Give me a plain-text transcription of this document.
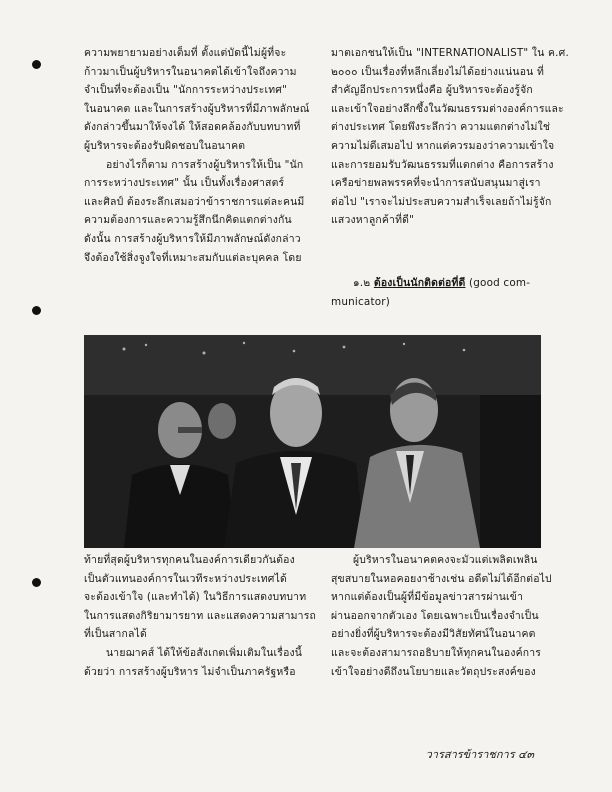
ความพยายามอย่างเต็มที่ ตั้งแต่บัดนี้ไม่ผู้ที่จะ
ก้าวมาเป็นผู้บริหารในอนาคตได้เข้าใจถึงความ
จำเป็นที่จะต้องเป็น "นักการระหว่างประเทศ"
ในอนาคต และในการสร้างผู้บริหารที่มีภาพลักษณ์
ดังกล่าวขึ้นมาให้จงได้ ให้สอดคล้องกับบทบาทที่
ผู้บริหารจะต้องรับผิดชอบในอนาคต
อย่างไรก็ตาม การสร้างผู้บริหารให้เป็น "นัก
การระหว่างประเทศ" นั้น เป็นทั้งเรื่องศาสตร์
และศิลป์ ต้องระลึกเสมอว่าข้าราชการแต่ละคนมี
ความต้องการและความรู้สึกนึกคิดแตกต่างกัน
ดังนั้น การสร้างผู้บริหารให้มีภาพลักษณ์ดังกล่าว
จึงต้องใช้สิ่งจูงใจที่เหมาะสมกับแต่ละบุคคล โดย
มาตเอกชนให้เป็น "INTERNATIONALIST" ใน ค.ศ.
๒๐๐๐ เป็นเรื่องที่หลีกเลี่ยงไม่ได้อย่างแน่นอน ที่
สำคัญอีกประการหนึ่งคือ ผู้บริหารจะต้องรู้จัก
และเข้าใจอย่างลึกซึ้งในวัฒนธรรมต่างองค์การและ
ต่างประเทศ โดยพึงระลึกว่า ความแตกต่างไม่ใช่
ความไม่ดีเสมอไป หากแต่ควรมองว่าความเข้าใจ
และการยอมรับวัฒนธรรมที่แตกต่าง คือการสร้าง
เครือข่ายพลพรรคที่จะนำการสนับสนุนมาสู่เรา
ต่อไป "เราจะไม่ประสบความสำเร็จเลยถ้าไม่รู้จัก
แสวงหาลูกค้าที่ดี"
๑.๒ ต้องเป็นนักติดต่อที่ดี (good com-
municator)
ท้ายที่สุดผู้บริหารทุกคนในองค์การเดียวกันต้อง
เป็นตัวแทนองค์การในเวทีระหว่างประเทศได้
จะต้องเข้าใจ (และทำได้) ในวิธีการแสดงบทบาท
ในการแสดงกิริยามารยาท และแสดงความสามารถ
ที่เป็นสากลได้
นายฌาคส์ ได้ให้ข้อสังเกตเพิ่มเติมในเรื่องนี้
ด้วยว่า การสร้างผู้บริหาร ไม่จำเป็นภาครัฐหรือ
ผู้บริหารในอนาคตคงจะมัวแต่เพลิดเพลิน
สุขสบายในหอคอยงาช้างเช่น อดีตไม่ได้อีกต่อไป
หากแต่ต้องเป็นผู้ที่มีข้อมูลข่าวสารผ่านเข้า
ผ่านออกจากตัวเอง โดยเฉพาะเป็นเรื่องจำเป็น
อย่างยิ่งที่ผู้บริหารจะต้องมีวิสัยทัศน์ในอนาคต
และจะต้องสามารถอธิบายให้ทุกคนในองค์การ
เข้าใจอย่างดีถึงนโยบายและวัตถุประสงค์ของ
วารสารข้าราชการ ๔๓
